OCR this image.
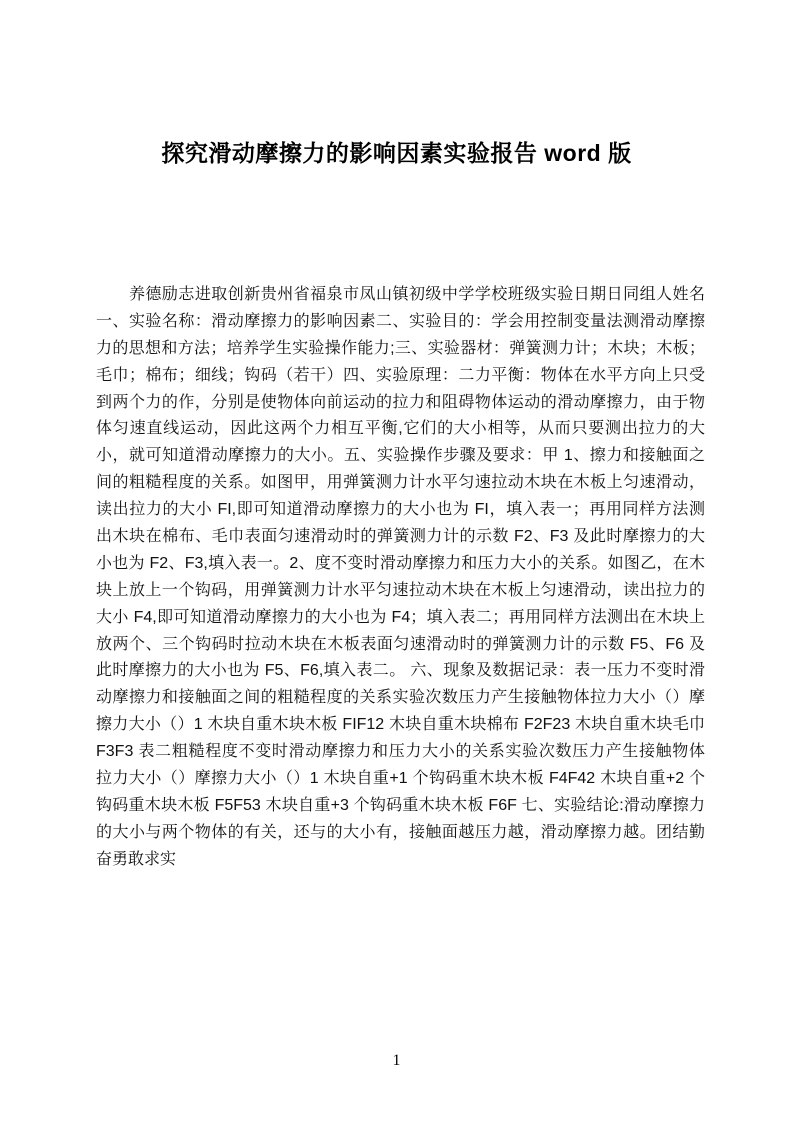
探究滑动摩擦力的影响因素实验报告 word 版
　　养德励志进取创新贵州省福泉市凤山镇初级中学学校班级实验日期日同组人姓名
一、实验名称：滑动摩擦力的影响因素二、实验目的：学会用控制变量法测滑动摩擦
力的思想和方法；培养学生实验操作能力;三、实验器材：弹簧测力计；木块；木板；
毛巾；棉布；细线；钩码（若干）四、实验原理：二力平衡：物体在水平方向上只受
到两个力的作，分别是使物体向前运动的拉力和阻碍物体运动的滑动摩擦力，由于物
体匀速直线运动，因此这两个力相互平衡,它们的大小相等，从而只要测出拉力的大
小，就可知道滑动摩擦力的大小。五、实验操作步骤及要求：甲 1、擦力和接触面之
间的粗糙程度的关系。如图甲，用弹簧测力计水平匀速拉动木块在木板上匀速滑动，
读出拉力的大小 FI,即可知道滑动摩擦力的大小也为 FI，填入表一；再用同样方法测
出木块在棉布、毛巾表面匀速滑动时的弹簧测力计的示数 F2、F3 及此时摩擦力的大
小也为 F2、F3,填入表一。2、度不变时滑动摩擦力和压力大小的关系。如图乙，在木
块上放上一个钩码，用弹簧测力计水平匀速拉动木块在木板上匀速滑动，读出拉力的
大小 F4,即可知道滑动摩擦力的大小也为 F4；填入表二；再用同样方法测出在木块上
放两个、三个钩码时拉动木块在木板表面匀速滑动时的弹簧测力计的示数 F5、F6 及
此时摩擦力的大小也为 F5、F6,填入表二。 六、现象及数据记录：表一压力不变时滑
动摩擦力和接触面之间的粗糙程度的关系实验次数压力产生接触物体拉力大小（）摩
擦力大小（）1 木块自重木块木板 FIF12 木块自重木块棉布 F2F23 木块自重木块毛巾
F3F3 表二粗糙程度不变时滑动摩擦力和压力大小的关系实验次数压力产生接触物体
拉力大小（）摩擦力大小（）1 木块自重+1 个钩码重木块木板 F4F42 木块自重+2 个
钩码重木块木板 F5F53 木块自重+3 个钩码重木块木板 F6F 七、实验结论:滑动摩擦力
的大小与两个物体的有关，还与的大小有，接触面越压力越，滑动摩擦力越。团结勤
奋勇敢求实
1
